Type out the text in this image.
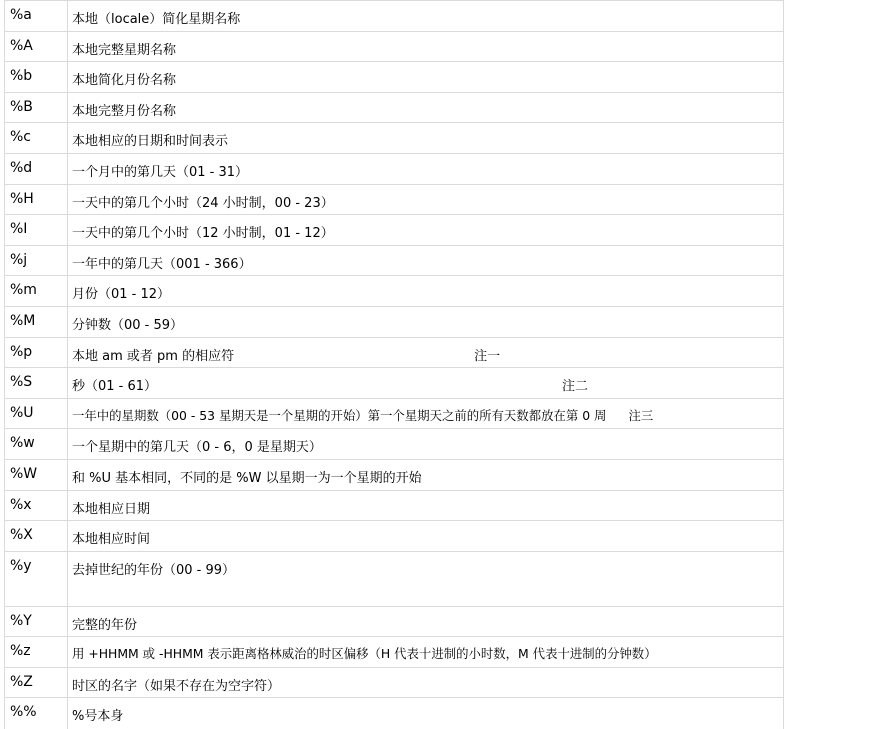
%a	本地（locale）简化星期名称
%A	本地完整星期名称
%b	本地简化月份名称
%B	本地完整月份名称
%c	本地相应的日期和时间表示
%d	一个月中的第几天（01 - 31）
%H	一天中的第几个小时（24 小时制，00 - 23）
%I	一天中的第几个小时（12 小时制，01 - 12）
%j	一年中的第几天（001 - 366）
%m	月份（01 - 12）
%M	分钟数（00 - 59）
%p	本地 am 或者 pm 的相应符 注一
%S	秒（01 - 61） 注二
%U	一年中的星期数（00 - 53 星期天是一个星期的开始）第一个星期天之前的所有天数都放在第 0 周 注三
%w	一个星期中的第几天（0 - 6，0 是星期天）
%W	和 %U 基本相同，不同的是 %W 以星期一为一个星期的开始
%x	本地相应日期
%X	本地相应时间
%y	去掉世纪的年份（00 - 99）
%Y	完整的年份
%z	用 +HHMM 或 -HHMM 表示距离格林威治的时区偏移（H 代表十进制的小时数，M 代表十进制的分钟数）
%Z	时区的名字（如果不存在为空字符）
%%	%号本身
